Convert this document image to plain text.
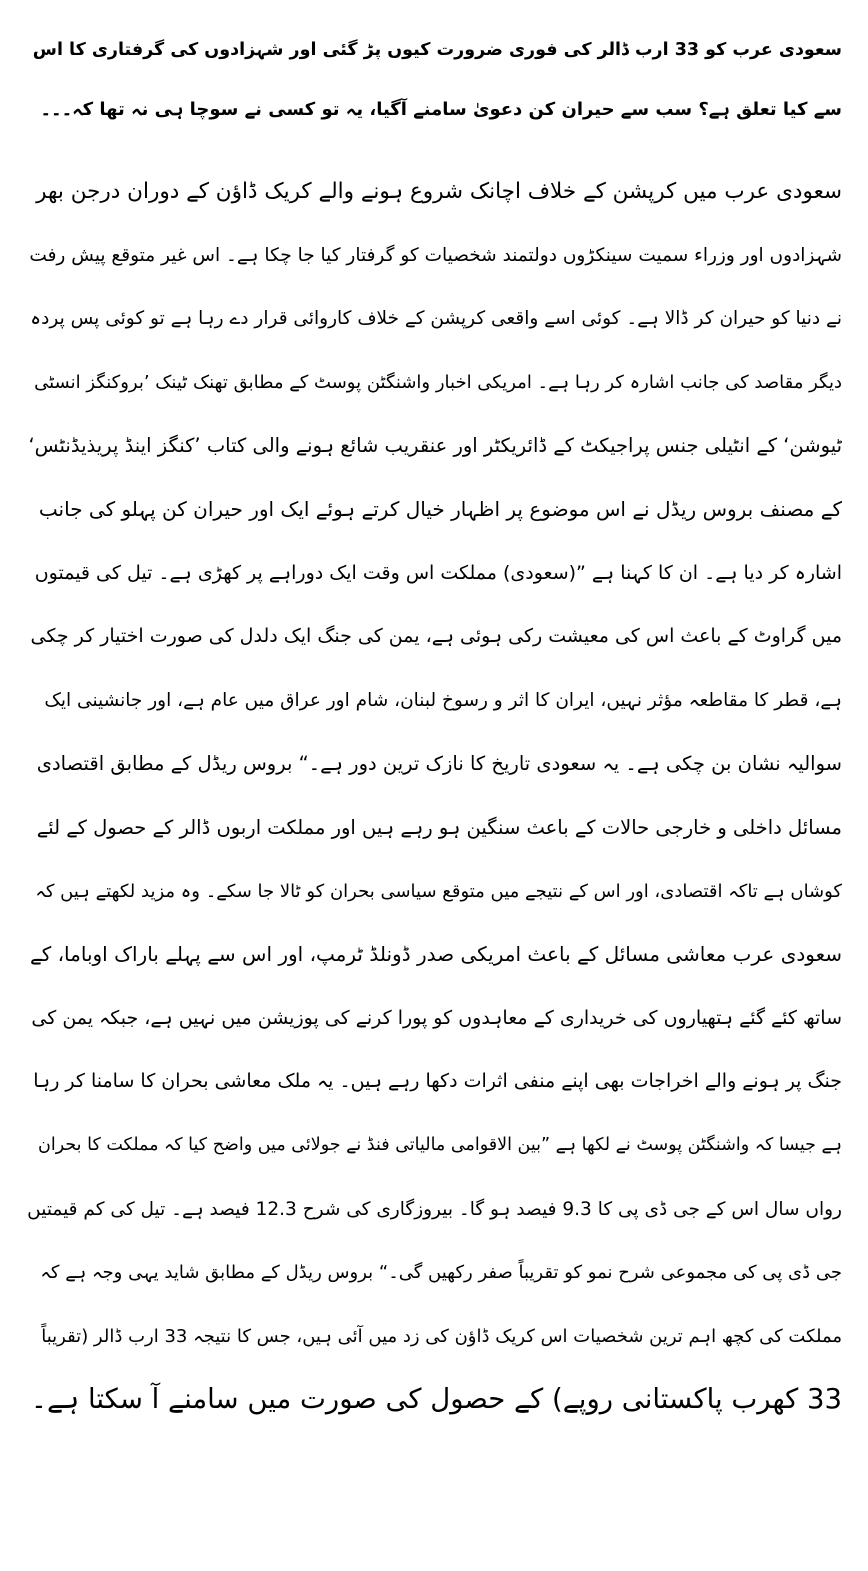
سعودی عرب کو 33 ارب ڈالر کی فوری ضرورت کیوں پڑ گئی اور شہزادوں کی گرفتاری کا اس
سے کیا تعلق ہے؟ سب سے حیران کن دعویٰ سامنے آگیا، یہ تو کسی نے سوچا ہی نہ تھا کہ۔۔۔
سعودی عرب میں کرپشن کے خلاف اچانک شروع ہونے والے کریک ڈاؤن کے دوران درجن بھر
شہزادوں اور وزراء سمیت سینکڑوں دولتمند شخصیات کو گرفتار کیا جا چکا ہے۔ اس غیر متوقع پیش رفت
نے دنیا کو حیران کر ڈالا ہے۔ کوئی اسے واقعی کرپشن کے خلاف کاروائی قرار دے رہا ہے تو کوئی پس پردہ
دیگر مقاصد کی جانب اشارہ کر رہا ہے۔ امریکی اخبار واشنگٹن پوسٹ کے مطابق تھنک ٹینک ’بروکنگز انسٹی
ٹیوشن‘ کے انٹیلی جنس پراجیکٹ کے ڈائریکٹر اور عنقریب شائع ہونے والی کتاب ’کنگز اینڈ پریذیڈنٹس‘
کے مصنف بروس ریڈل نے اس موضوع پر اظہار خیال کرتے ہوئے ایک اور حیران کن پہلو کی جانب
اشارہ کر دیا ہے۔ ان کا کہنا ہے ”(سعودی) مملکت اس وقت ایک دوراہے پر کھڑی ہے۔ تیل کی قیمتوں
میں گراوٹ کے باعث اس کی معیشت رکی ہوئی ہے، یمن کی جنگ ایک دلدل کی صورت اختیار کر چکی
ہے، قطر کا مقاطعہ مؤثر نہیں، ایران کا اثر و رسوخ لبنان، شام اور عراق میں عام ہے، اور جانشینی ایک
سوالیہ نشان بن چکی ہے۔ یہ سعودی تاریخ کا نازک ترین دور ہے۔“ بروس ریڈل کے مطابق اقتصادی
مسائل داخلی و خارجی حالات کے باعث سنگین ہو رہے ہیں اور مملکت اربوں ڈالر کے حصول کے لئے
کوشاں ہے تاکہ اقتصادی، اور اس کے نتیجے میں متوقع سیاسی بحران کو ٹالا جا سکے۔ وہ مزید لکھتے ہیں کہ
سعودی عرب معاشی مسائل کے باعث امریکی صدر ڈونلڈ ٹرمپ، اور اس سے پہلے باراک اوباما، کے
ساتھ کئے گئے ہتھیاروں کی خریداری کے معاہدوں کو پورا کرنے کی پوزیشن میں نہیں ہے، جبکہ یمن کی
جنگ پر ہونے والے اخراجات بھی اپنے منفی اثرات دکھا رہے ہیں۔ یہ ملک معاشی بحران کا سامنا کر رہا
ہے جیسا کہ واشنگٹن پوسٹ نے لکھا ہے ”بین الاقوامی مالیاتی فنڈ نے جولائی میں واضح کیا کہ مملکت کا بحران
رواں سال اس کے جی ڈی پی کا 9.3 فیصد ہو گا۔ بیروزگاری کی شرح 12.3 فیصد ہے۔ تیل کی کم قیمتیں
جی ڈی پی کی مجموعی شرح نمو کو تقریباً صفر رکھیں گی۔“ بروس ریڈل کے مطابق شاید یہی وجہ ہے کہ
مملکت کی کچھ اہم ترین شخصیات اس کریک ڈاؤن کی زد میں آئی ہیں، جس کا نتیجہ 33 ارب ڈالر (تقریباً
33 کھرب پاکستانی روپے) کے حصول کی صورت میں سامنے آ سکتا ہے۔
